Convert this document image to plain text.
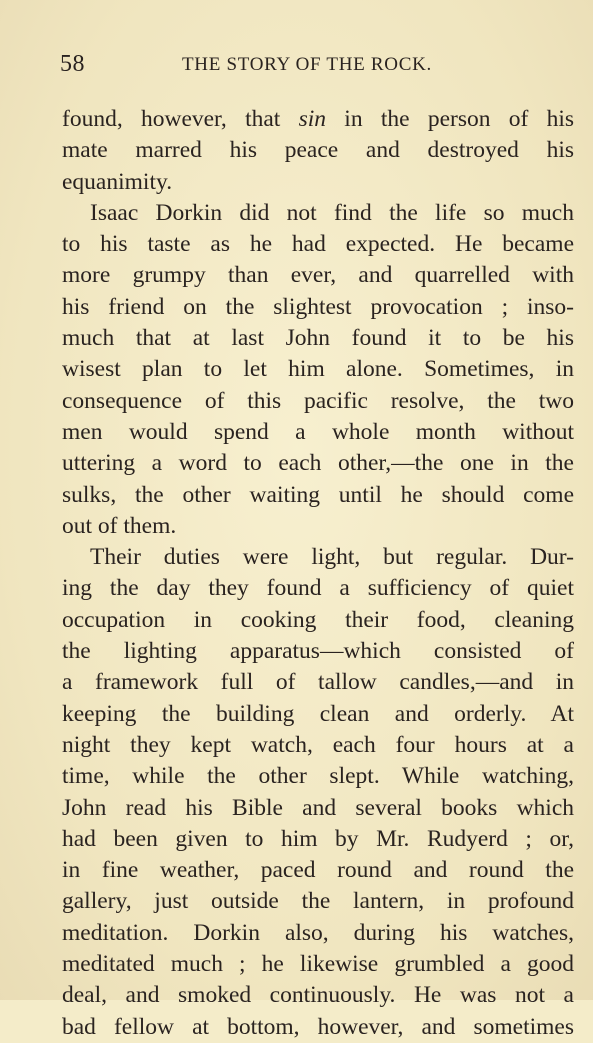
58	THE STORY OF THE ROCK.
found, however, that sin in the person of his
mate marred his peace and destroyed his
equanimity.
Isaac Dorkin did not find the life so much
to his taste as he had expected. He became
more grumpy than ever, and quarrelled with
his friend on the slightest provocation ; inso-
much that at last John found it to be his
wisest plan to let him alone. Sometimes, in
consequence of this pacific resolve, the two
men would spend a whole month without
uttering a word to each other,—the one in the
sulks, the other waiting until he should come
out of them.
Their duties were light, but regular. Dur-
ing the day they found a sufficiency of quiet
occupation in cooking their food, cleaning
the lighting apparatus—which consisted of
a framework full of tallow candles,—and in
keeping the building clean and orderly. At
night they kept watch, each four hours at a
time, while the other slept. While watching,
John read his Bible and several books which
had been given to him by Mr. Rudyerd ; or,
in fine weather, paced round and round the
gallery, just outside the lantern, in profound
meditation. Dorkin also, during his watches,
meditated much ; he likewise grumbled a good
deal, and smoked continuously. He was not a
bad fellow at bottom, however, and sometimes
